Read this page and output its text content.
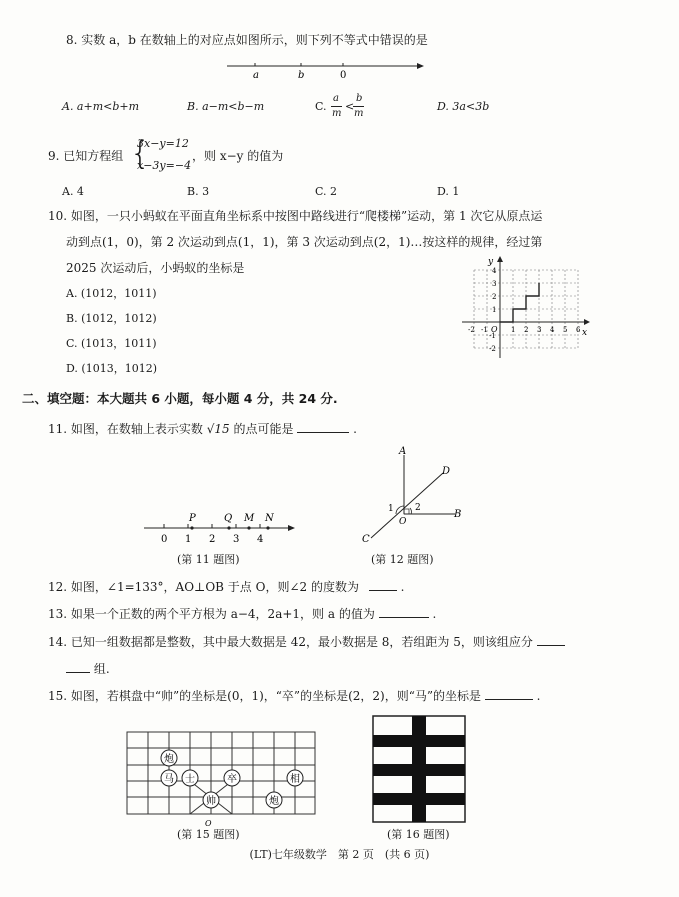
8. 实数 a，b 在数轴上的对应点如图所示，则下列不等式中错误的是
a	b	0
A. a+m<b+m	B. a−m<b−m	C.
a
m
<
b
m
D. 3a<3b
9. 已知方程组 {
3x−y=12
x−3y=−4
，则 x−y 的值为
A. 4	B. 3	C. 2	D. 1
10. 如图，一只小蚂蚁在平面直角坐标系中按图中路线进行“爬楼梯”运动，第 1 次它从原点运
动到点(1，0)，第 2 次运动到点(1，1)，第 3 次运动到点(2，1)…按这样的规律，经过第
2025 次运动后，小蚂蚁的坐标是
A. (1012，1011)
B. (1012，1012)
C. (1013，1011)
D. (1013，1012)
y
x
O
-2 -1	1 2 3 4 5 6
4
3
2
1
-1
-2
二、填空题：本大题共 6 小题，每小题 4 分，共 24 分.
11. 如图，在数轴上表示实数 √15 的点可能是	.
P	Q M N
0 1 2 3 4
(第 11 题图)
A
D
B
C
O
1 2
(第 12 题图)
12. 如图，∠1=133°，AO⊥OB 于点 O，则∠2 的度数为	.
13. 如果一个正数的两个平方根为 a−4，2a+1，则 a 的值为	.
14. 已知一组数据都是整数，其中最大数据是 42，最小数据是 8，若组距为 5，则该组应分
组.
15. 如图，若棋盘中“帅”的坐标是(0，1)，“卒”的坐标是(2，2)，则“马”的坐标是	.
炮
马 士	卒	相
帅	炮
O
(第 15 题图)	(第 16 题图)
(LT)七年级数学　第 2 页　(共 6 页)
